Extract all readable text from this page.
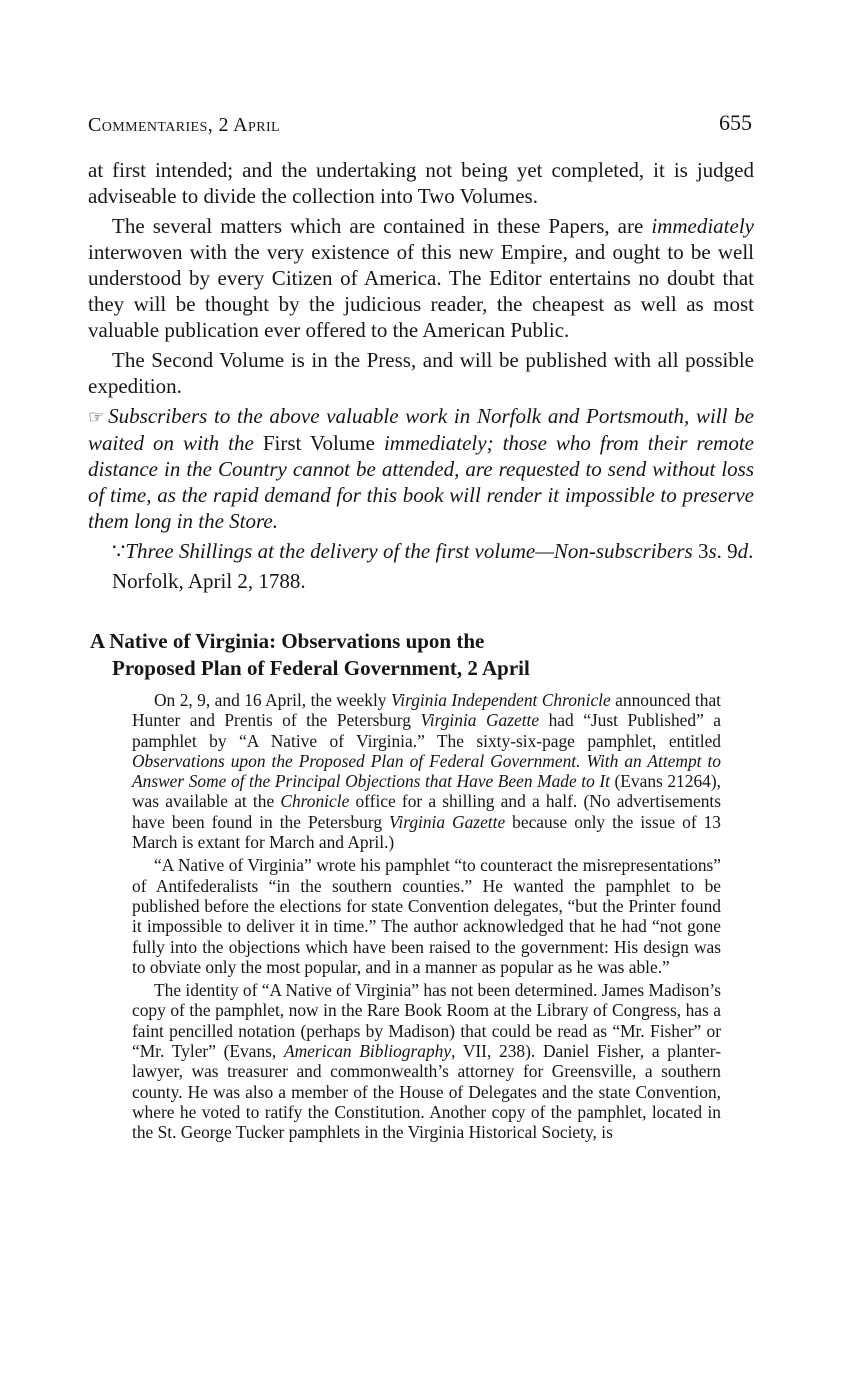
Commentaries, 2 April	655

at first intended; and the undertaking not being yet completed, it is judged adviseable to divide the collection into Two Volumes.

The several matters which are contained in these Papers, are immediately interwoven with the very existence of this new Empire, and ought to be well understood by every Citizen of America. The Editor entertains no doubt that they will be thought by the judicious reader, the cheapest as well as most valuable publication ever offered to the American Public.

The Second Volume is in the Press, and will be published with all possible expedition.

☞ Subscribers to the above valuable work in Norfolk and Portsmouth, will be waited on with the First Volume immediately; those who from their remote distance in the Country cannot be attended, are requested to send without loss of time, as the rapid demand for this book will render it impossible to preserve them long in the Store.

∵Three Shillings at the delivery of the first volume—Non-subscribers 3s. 9d.

Norfolk, April 2, 1788.

A Native of Virginia: Observations upon the
Proposed Plan of Federal Government, 2 April

On 2, 9, and 16 April, the weekly Virginia Independent Chronicle announced that Hunter and Prentis of the Petersburg Virginia Gazette had “Just Published” a pamphlet by “A Native of Virginia.” The sixty-six-page pamphlet, entitled Observations upon the Proposed Plan of Federal Government. With an Attempt to Answer Some of the Principal Objections that Have Been Made to It (Evans 21264), was available at the Chronicle office for a shilling and a half. (No advertisements have been found in the Petersburg Virginia Gazette because only the issue of 13 March is extant for March and April.)

“A Native of Virginia” wrote his pamphlet “to counteract the misrepresentations” of Antifederalists “in the southern counties.” He wanted the pamphlet to be published before the elections for state Convention delegates, “but the Printer found it impossible to deliver it in time.” The author acknowledged that he had “not gone fully into the objections which have been raised to the government: His design was to obviate only the most popular, and in a manner as popular as he was able.”

The identity of “A Native of Virginia” has not been determined. James Madison’s copy of the pamphlet, now in the Rare Book Room at the Library of Congress, has a faint pencilled notation (perhaps by Madison) that could be read as “Mr. Fisher” or “Mr. Tyler” (Evans, American Bibliography, VII, 238). Daniel Fisher, a planter-lawyer, was treasurer and commonwealth’s attorney for Greensville, a southern county. He was also a member of the House of Delegates and the state Convention, where he voted to ratify the Constitution. Another copy of the pamphlet, located in the St. George Tucker pamphlets in the Virginia Historical Society, is
